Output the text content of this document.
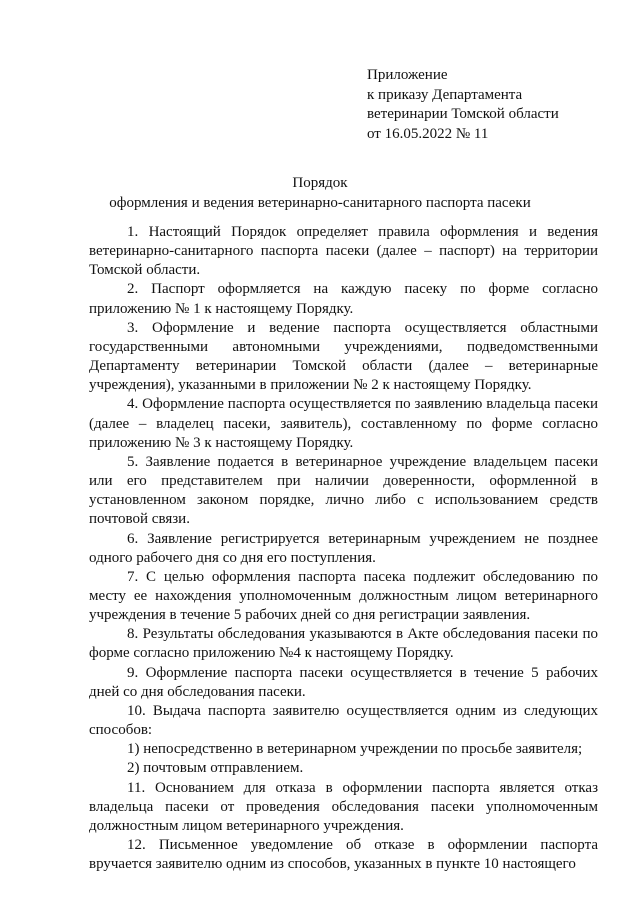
Приложение
к приказу Департамента
ветеринарии Томской области
от 16.05.2022 № 11
Порядок
оформления и ведения ветеринарно-санитарного паспорта пасеки

1. Настоящий Порядок определяет правила оформления и ведения ветеринарно-санитарного паспорта пасеки (далее – паспорт) на территории Томской области.

2. Паспорт оформляется на каждую пасеку по форме согласно приложению № 1 к настоящему Порядку.

3. Оформление и ведение паспорта осуществляется областными государственными автономными учреждениями, подведомственными Департаменту ветеринарии Томской области (далее – ветеринарные учреждения), указанными в приложении № 2 к настоящему Порядку.

4. Оформление паспорта осуществляется по заявлению владельца пасеки (далее – владелец пасеки, заявитель), составленному по форме согласно приложению № 3 к настоящему Порядку.

5. Заявление подается в ветеринарное учреждение владельцем пасеки или его представителем при наличии доверенности, оформленной в установленном законом порядке, лично либо с использованием средств почтовой связи.

6. Заявление регистрируется ветеринарным учреждением не позднее одного рабочего дня со дня его поступления.

7. С целью оформления паспорта пасека подлежит обследованию по месту ее нахождения уполномоченным должностным лицом ветеринарного учреждения в течение 5 рабочих дней со дня регистрации заявления.

8. Результаты обследования указываются в Акте обследования пасеки по форме согласно приложению №4 к настоящему Порядку.

9. Оформление паспорта пасеки осуществляется в течение 5 рабочих дней со дня обследования пасеки.

10. Выдача паспорта заявителю осуществляется одним из следующих способов:

1) непосредственно в ветеринарном учреждении по просьбе заявителя;

2) почтовым отправлением.

11. Основанием для отказа в оформлении паспорта является отказ владельца пасеки от проведения обследования пасеки уполномоченным должностным лицом ветеринарного учреждения.

12. Письменное уведомление об отказе в оформлении паспорта вручается заявителю одним из способов, указанных в пункте 10 настоящего
